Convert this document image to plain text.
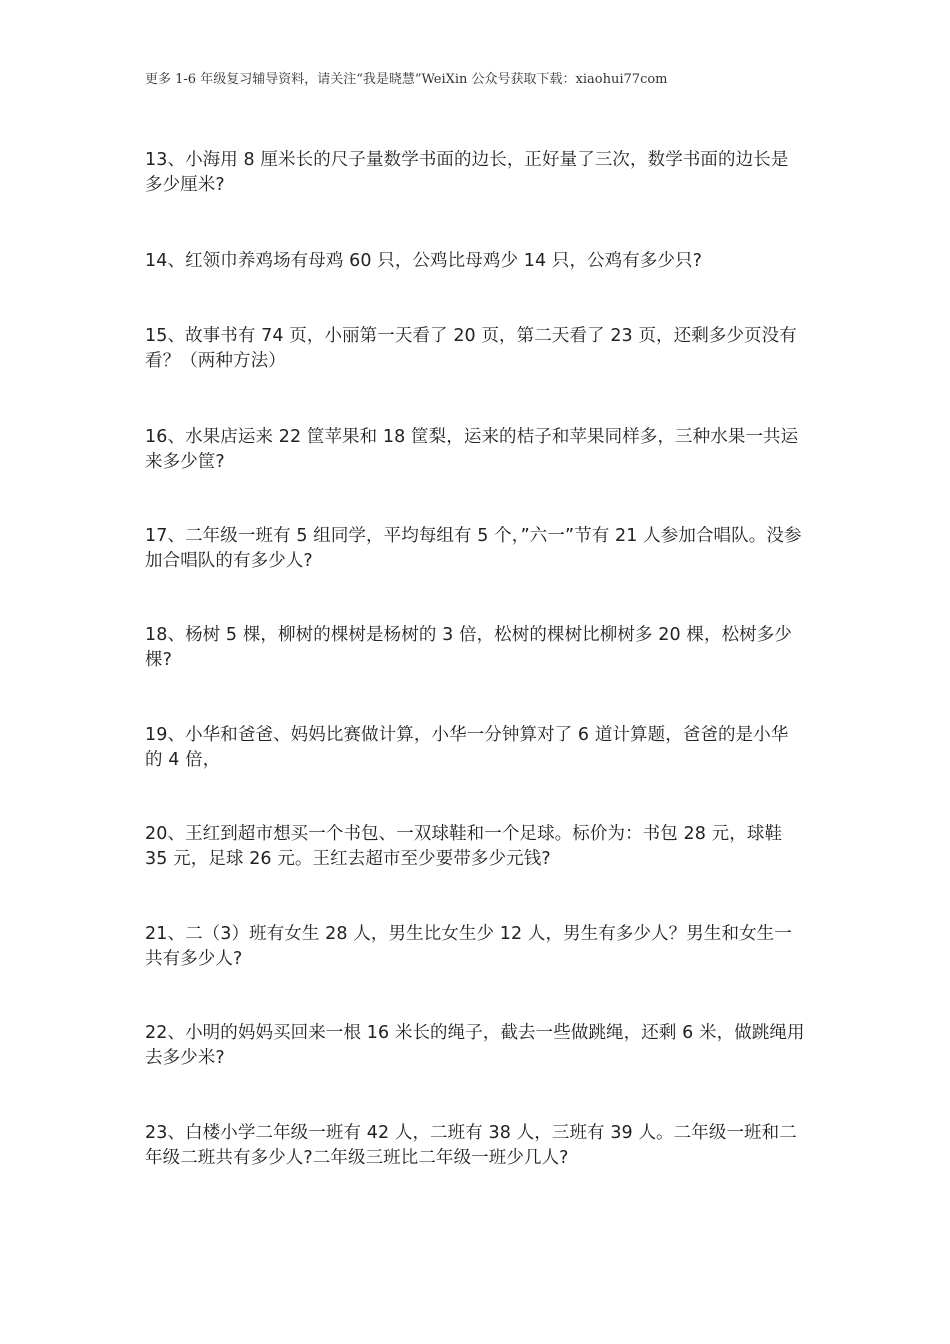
更多 1-6 年级复习辅导资料，请关注“我是晓慧”WeiXin 公众号获取下载：xiaohui77com

13、小海用 8 厘米长的尺子量数学书面的边长，正好量了三次，数学书面的边长是多少厘米?

14、红领巾养鸡场有母鸡 60 只，公鸡比母鸡少 14 只，公鸡有多少只?

15、故事书有 74 页，小丽第一天看了 20 页，第二天看了 23 页，还剩多少页没有看？（两种方法）

16、水果店运来 22 筐苹果和 18 筐梨，运来的桔子和苹果同样多，三种水果一共运来多少筐?

17、二年级一班有 5 组同学，平均每组有 5 个，”六一”节有 21 人参加合唱队。没参加合唱队的有多少人?

18、杨树 5 棵，柳树的棵树是杨树的 3 倍，松树的棵树比柳树多 20 棵，松树多少棵?

19、小华和爸爸、妈妈比赛做计算，小华一分钟算对了 6 道计算题，爸爸的是小华的 4 倍，

20、王红到超市想买一个书包、一双球鞋和一个足球。标价为：书包 28 元，球鞋 35 元，足球 26 元。王红去超市至少要带多少元钱?

21、二（3）班有女生 28 人，男生比女生少 12 人，男生有多少人？男生和女生一共有多少人?

22、小明的妈妈买回来一根 16 米长的绳子，截去一些做跳绳，还剩 6 米，做跳绳用去多少米?

23、白楼小学二年级一班有 42 人，二班有 38 人，三班有 39 人。二年级一班和二年级二班共有多少人?二年级三班比二年级一班少几人?
